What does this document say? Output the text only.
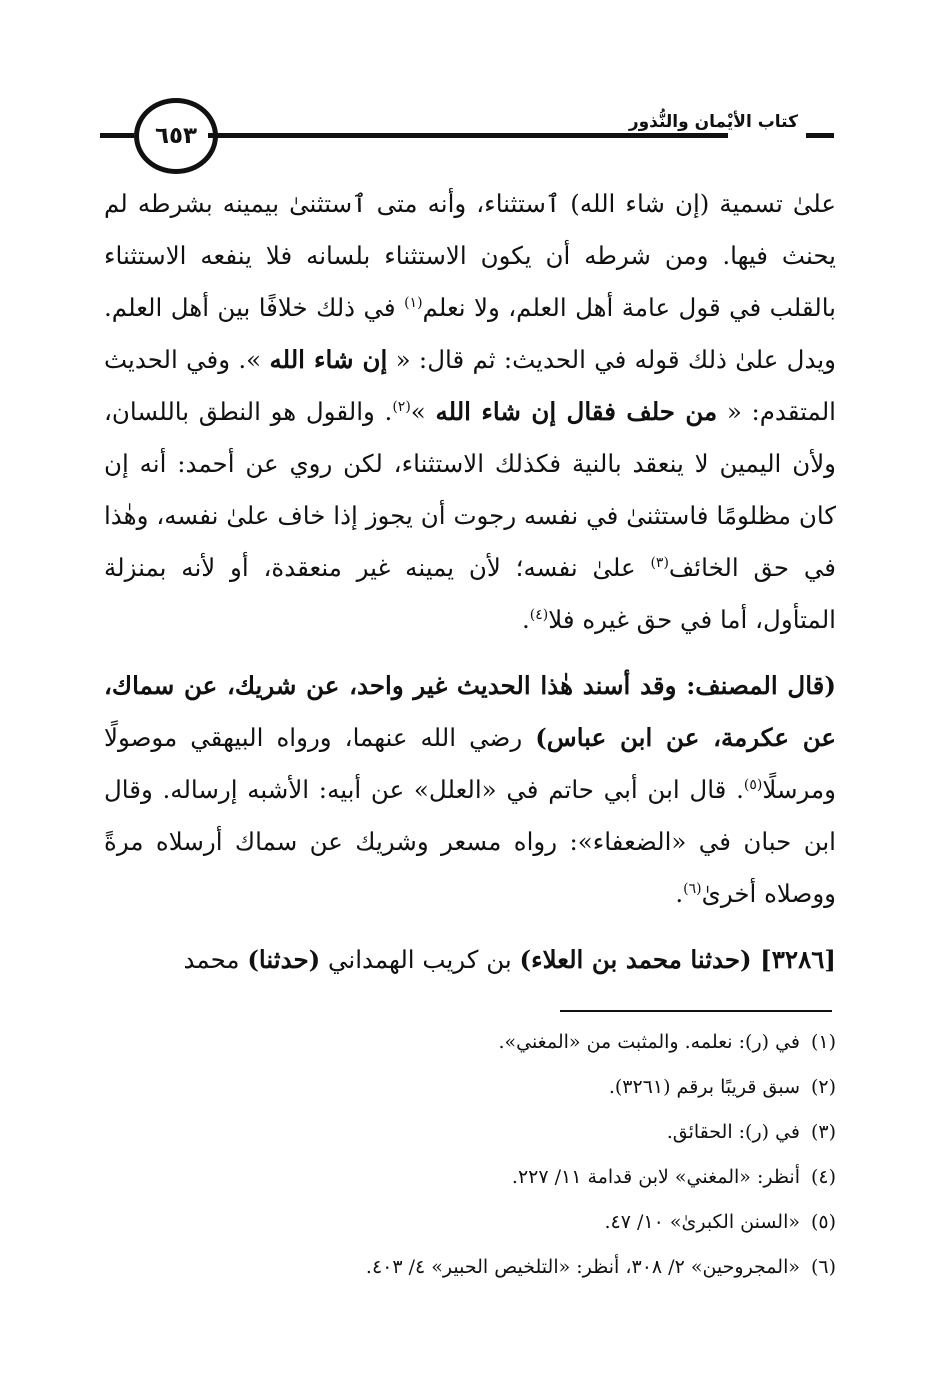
٦٥٣
كتاب الأيْمان والنُّذور

علىٰ تسمية (إن شاء الله) ٱستثناء، وأنه متى ٱستثنىٰ بيمينه بشرطه لم يحنث فيها. ومن شرطه أن يكون الاستثناء بلسانه فلا ينفعه الاستثناء بالقلب في قول عامة أهل العلم، ولا نعلم$^{(١)}$ في ذلك خلافًا بين أهل العلم. ويدل علىٰ ذلك قوله في الحديث: ثم قال: « إن شاء الله ». وفي الحديث المتقدم: « من حلف فقال إن شاء الله »$^{(٢)}$. والقول هو النطق باللسان، ولأن اليمين لا ينعقد بالنية فكذلك الاستثناء، لكن روي عن أحمد: أنه إن كان مظلومًا فاستثنىٰ في نفسه رجوت أن يجوز إذا خاف علىٰ نفسه، وهٰذا في حق الخائف$^{(٣)}$ علىٰ نفسه؛ لأن يمينه غير منعقدة، أو لأنه بمنزلة المتأول، أما في حق غيره فلا$^{(٤)}$.

(قال المصنف: وقد أسند هٰذا الحديث غير واحد، عن شريك، عن سماك، عن عكرمة، عن ابن عباس) رضي الله عنهما، ورواه البيهقي موصولًا ومرسلًا$^{(٥)}$. قال ابن أبي حاتم في «العلل» عن أبيه: الأشبه إرساله. وقال ابن حبان في «الضعفاء»: رواه مسعر وشريك عن سماك أرسلاه مرةً ووصلاه أخرىٰ$^{(٦)}$.

[٣٢٨٦] (حدثنا محمد بن العلاء) بن كريب الهمداني (حدثنا) محمد

(١)في (ر): نعلمه. والمثبت من «المغني».
(٢)سبق قريبًا برقم (٣٢٦١).
(٣)في (ر): الحقائق.
(٤)أنظر: «المغني» لابن قدامة ١١/ ٢٢٧.
(٥)«السنن الكبرىٰ» ١٠/ ٤٧.
(٦)«المجروحين» ٢/ ٣٠٨، أنظر: «التلخيص الحبير» ٤/ ٤٠٣.
